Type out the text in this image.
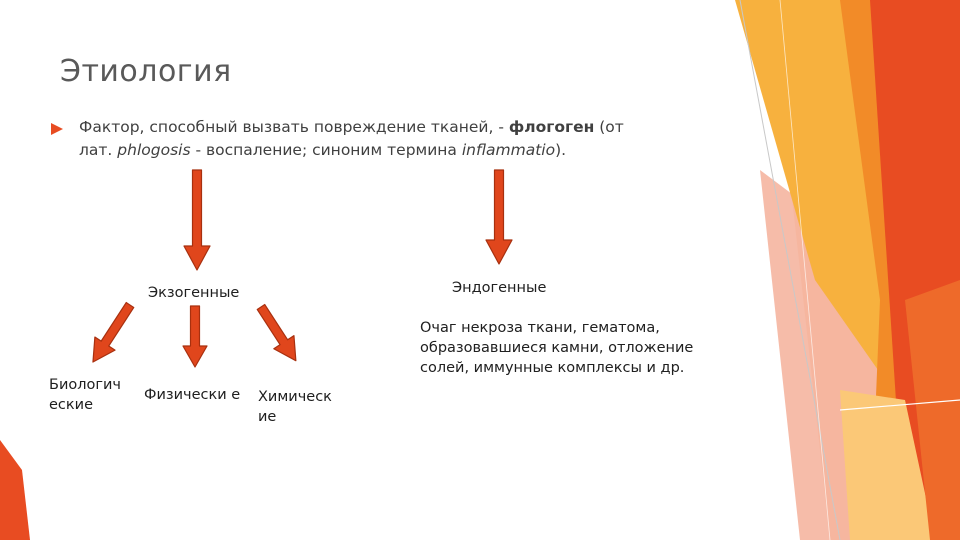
Этиология
Фактор, способный вызвать повреждение тканей, - флогоген (от лат. phlogosis - воспаление; синоним термина inflammatio).
Экзогенные	Эндогенные
Биологич еские
Физически е Химическ ие
Очаг некроза ткани, гематома, образовавшиеся камни, отложение солей, иммунные комплексы и др.
